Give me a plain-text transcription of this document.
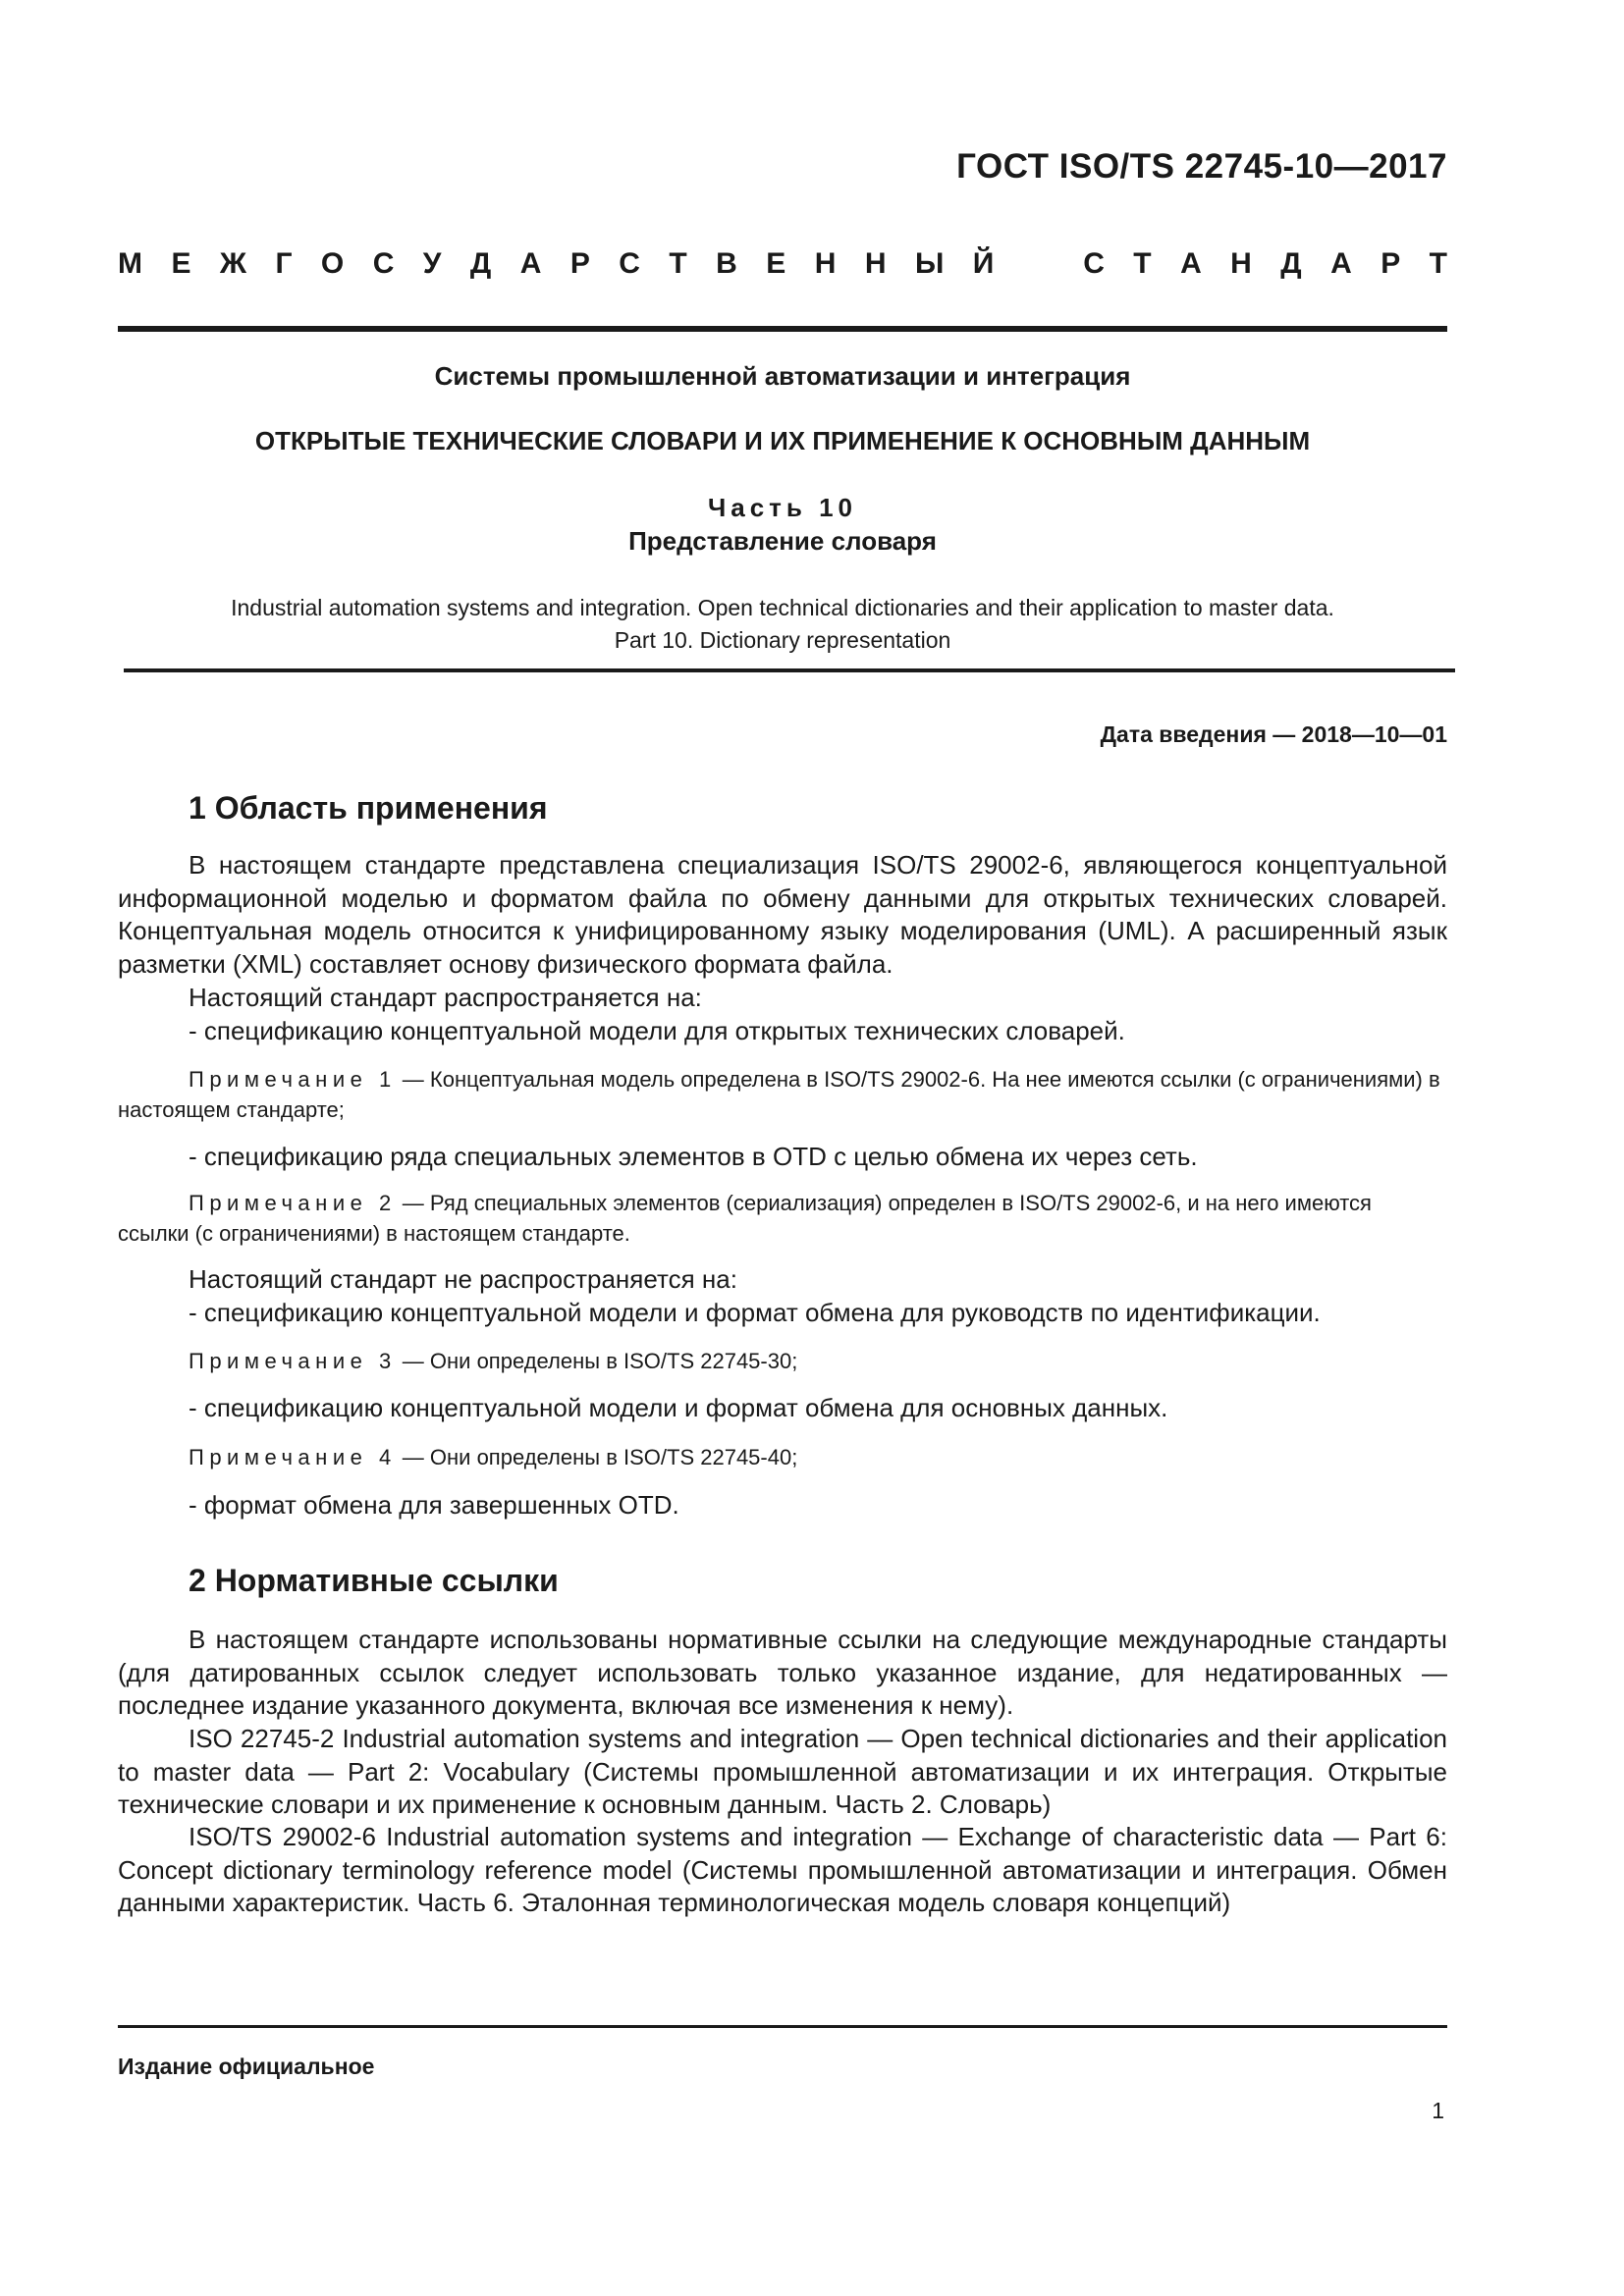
ГОСТ ISO/TS 22745-10—2017
М Е Ж Г О С У Д А Р С Т В Е Н Н Ы Й	С Т А Н Д А Р Т
Системы промышленной автоматизации и интеграция
ОТКРЫТЫЕ ТЕХНИЧЕСКИЕ СЛОВАРИ И ИХ ПРИМЕНЕНИЕ К ОСНОВНЫМ ДАННЫМ
Часть 10
Представление словаря
Industrial automation systems and integration. Open technical dictionaries and their application to master data.
Part 10. Dictionary representation
Дата введения — 2018—10—01
1 Область применения
В настоящем стандарте представлена специализация ISO/TS 29002-6, являющегося концептуальной информационной моделью и форматом файла по обмену данными для открытых технических словарей. Концептуальная модель относится к унифицированному языку моделирования (UML). А расширенный язык разметки (XML) составляет основу физического формата файла.
Настоящий стандарт распространяется на:
- спецификацию концептуальной модели для открытых технических словарей.
Примечание 1 — Концептуальная модель определена в ISO/TS 29002-6. На нее имеются ссылки (с ограничениями) в настоящем стандарте;
- спецификацию ряда специальных элементов в OTD с целью обмена их через сеть.
Примечание 2 — Ряд специальных элементов (сериализация) определен в ISO/TS 29002-6, и на него имеются ссылки (с ограничениями) в настоящем стандарте.
Настоящий стандарт не распространяется на:
- спецификацию концептуальной модели и формат обмена для руководств по идентификации.
Примечание 3 — Они определены в ISO/TS 22745-30;
- спецификацию концептуальной модели и формат обмена для основных данных.
Примечание 4 — Они определены в ISO/TS 22745-40;
- формат обмена для завершенных OTD.
2 Нормативные ссылки
В настоящем стандарте использованы нормативные ссылки на следующие международные стандарты (для датированных ссылок следует использовать только указанное издание, для недатированных — последнее издание указанного документа, включая все изменения к нему).
ISO 22745-2 Industrial automation systems and integration — Open technical dictionaries and their application to master data — Part 2: Vocabulary (Системы промышленной автоматизации и их интеграция. Открытые технические словари и их применение к основным данным. Часть 2. Словарь)
ISO/TS 29002-6 Industrial automation systems and integration — Exchange of characteristic data — Part 6: Concept dictionary terminology reference model (Системы промышленной автоматизации и интеграция. Обмен данными характеристик. Часть 6. Эталонная терминологическая модель словаря концепций)
Издание официальное
1
